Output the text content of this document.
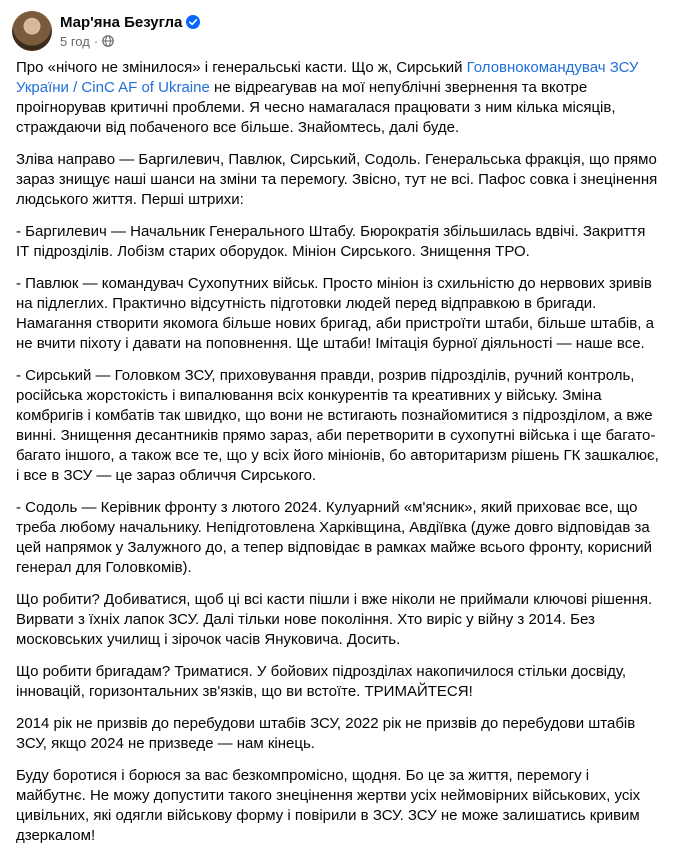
Мар'яна Безугла
5 год ·

Про «нічого не змінилося» і генеральські касти. Що ж, Сирський Головнокомандувач ЗСУ України / CinC AF of Ukraine не відреагував на мої непублічні звернення та вкотре проігнорував критичні проблеми. Я чесно намагалася працювати з ним кілька місяців, страждаючи від побаченого все більше. Знайомтесь, далі буде.

Зліва направо — Баргилевич, Павлюк, Сирський, Содоль. Генеральська фракція, що прямо зараз знищує наші шанси на зміни та перемогу. Звісно, тут не всі. Пафос совка і знецінення людського життя. Перші штрихи:

- Баргилевич — Начальник Генерального Штабу. Бюрократія збільшилась вдвічі. Закриття ІТ підрозділів. Лобізм старих оборудок. Мініон Сирського. Знищення ТРО.

- Павлюк — командувач Сухопутних військ. Просто мініон із схильністю до нервових зривів на підлеглих. Практично відсутність підготовки людей перед відправкою в бригади. Намагання створити якомога більше нових бригад, аби пристроїти штаби, більше штабів, а не вчити піхоту і давати на поповнення. Ще штаби! Імітація бурної діяльності — наше все.

- Сирський — Головком ЗСУ, приховування правди, розрив підрозділів, ручний контроль, російська жорстокість і випалювання всіх конкурентів та креативних у війську. Зміна комбригів і комбатів так швидко, що вони не встигають познайомитися з підрозділом, а вже винні. Знищення десантників прямо зараз, аби перетворити в сухопутні війська і ще багато-багато іншого, а також все те, що у всіх його мініонів, бо авторитаризм рішень ГК зашкалює, і все в ЗСУ — це зараз обличчя Сирського.

- Содоль — Керівник фронту з лютого 2024. Кулуарний «м'ясник», який приховає все, що треба любому начальнику. Непідготовлена Харківщина, Авдіївка (дуже довго відповідав за цей напрямок у Залужного до, а тепер відповідає в рамках майже всього фронту, корисний генерал для Головкомів).

Що робити? Добиватися, щоб ці всі касти пішли і вже ніколи не приймали ключові рішення. Вирвати з їхніх лапок ЗСУ. Далі тільки нове покоління. Хто виріс у війну з 2014. Без московських училищ і зірочок часів Януковича. Досить.

Що робити бригадам? Триматися. У бойових підрозділах накопичилося стільки досвіду, інновацій, горизонтальних зв'язків, що ви встоїте. ТРИМАЙТЕСЯ!

2014 рік не призвів до перебудови штабів ЗСУ, 2022 рік не призвів до перебудови штабів ЗСУ, якщо 2024 не призведе — нам кінець.

Буду боротися і борюся за вас безкомпромісно, щодня. Бо це за життя, перемогу і майбутнє. Не можу допустити такого знецінення жертви усіх неймовірних військових, усіх цивільних, які одягли військову форму і повірили в ЗСУ. ЗСУ не може залишатись кривим дзеркалом!
